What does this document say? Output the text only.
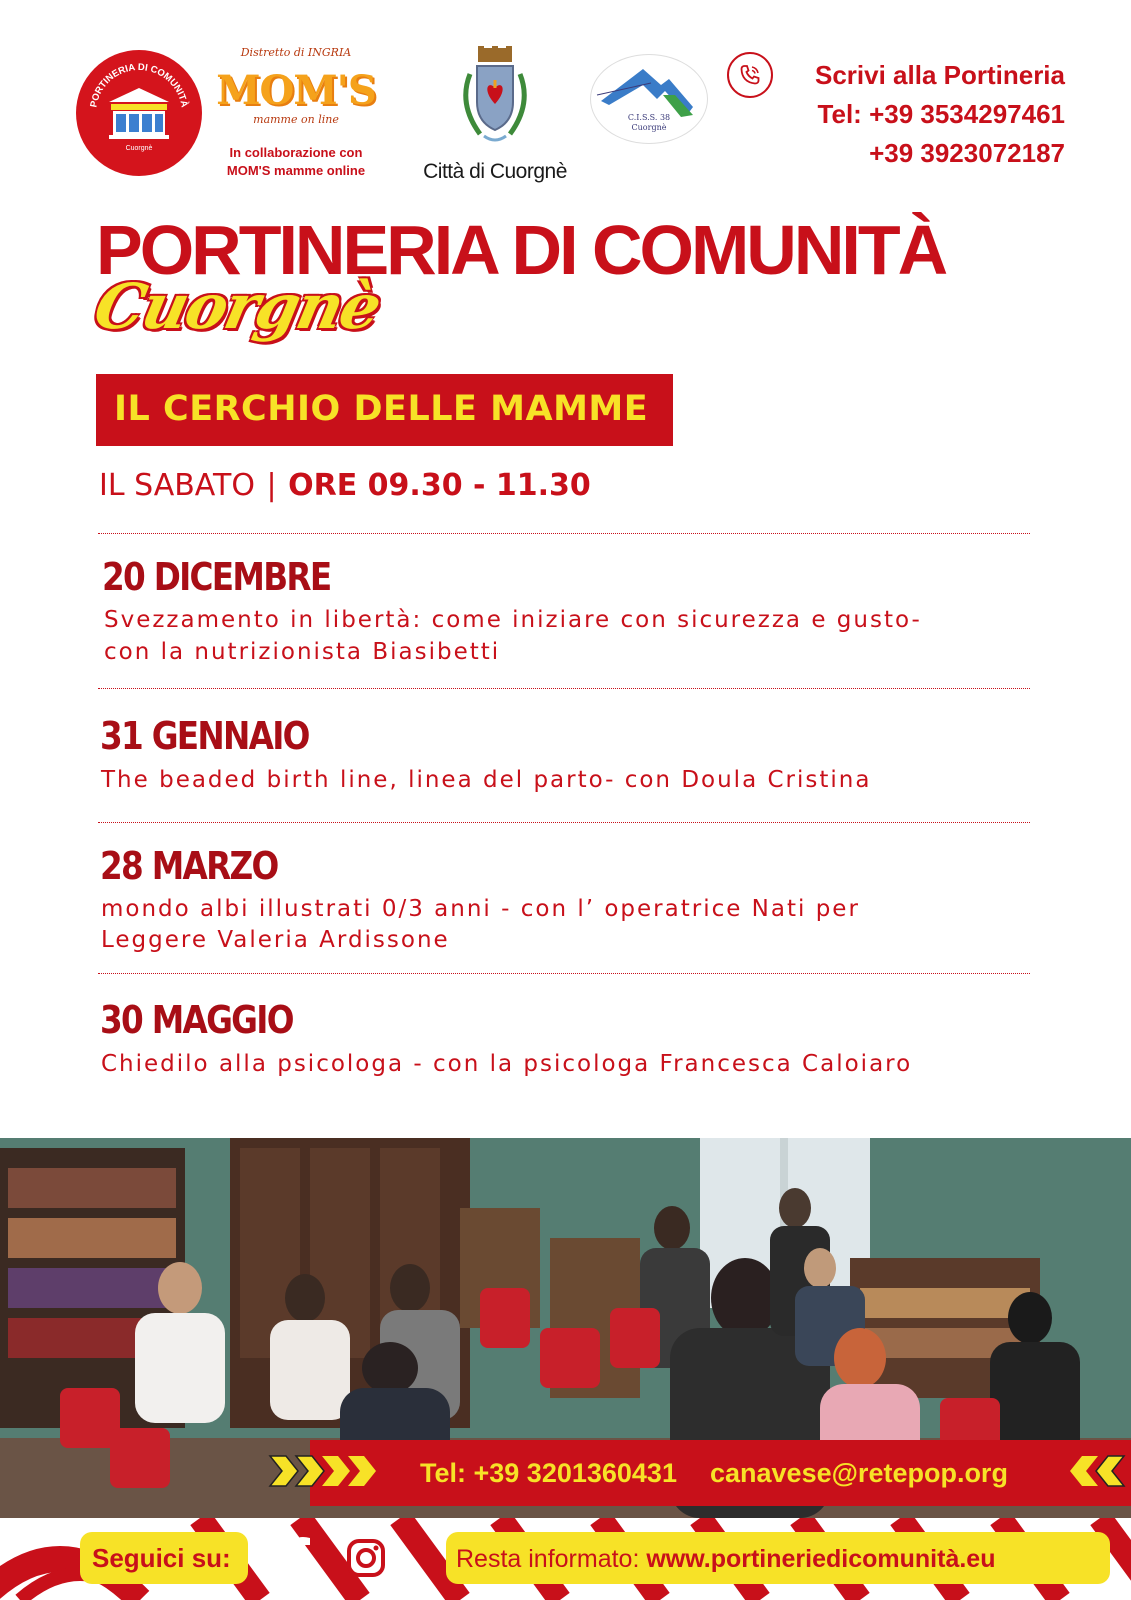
PORTINERIA DI COMUNITÀ
Cuorgnè
Distretto di INGRIA
MOM'S
mamme on line
In collaborazione con
MOM'S mamme online	Città di Cuorgnè
C.I.S.S. 38
Cuorgnè
Scrivi alla Portineria
Tel: +39 3534297461
+39 3923072187
PORTINERIA DI COMUNITÀ
Cuorgnè
IL CERCHIO DELLE MAMME
IL SABATO | ORE 09.30 - 11.30
20 DICEMBRE
Svezzamento in libertà: come iniziare con sicurezza e gusto-
con la nutrizionista Biasibetti
31 GENNAIO
The beaded birth line, linea del parto- con Doula Cristina
28 MARZO
mondo albi illustrati 0/3 anni - con l’ operatrice Nati per
Leggere Valeria Ardissone
30 MAGGIO
Chiedilo alla psicologa - con la psicologa Francesca Caloiaro
Tel: +39 3201360431 canavese@retepop.org
Seguici su:	Resta informato: www.portineriedicomunità.eu
